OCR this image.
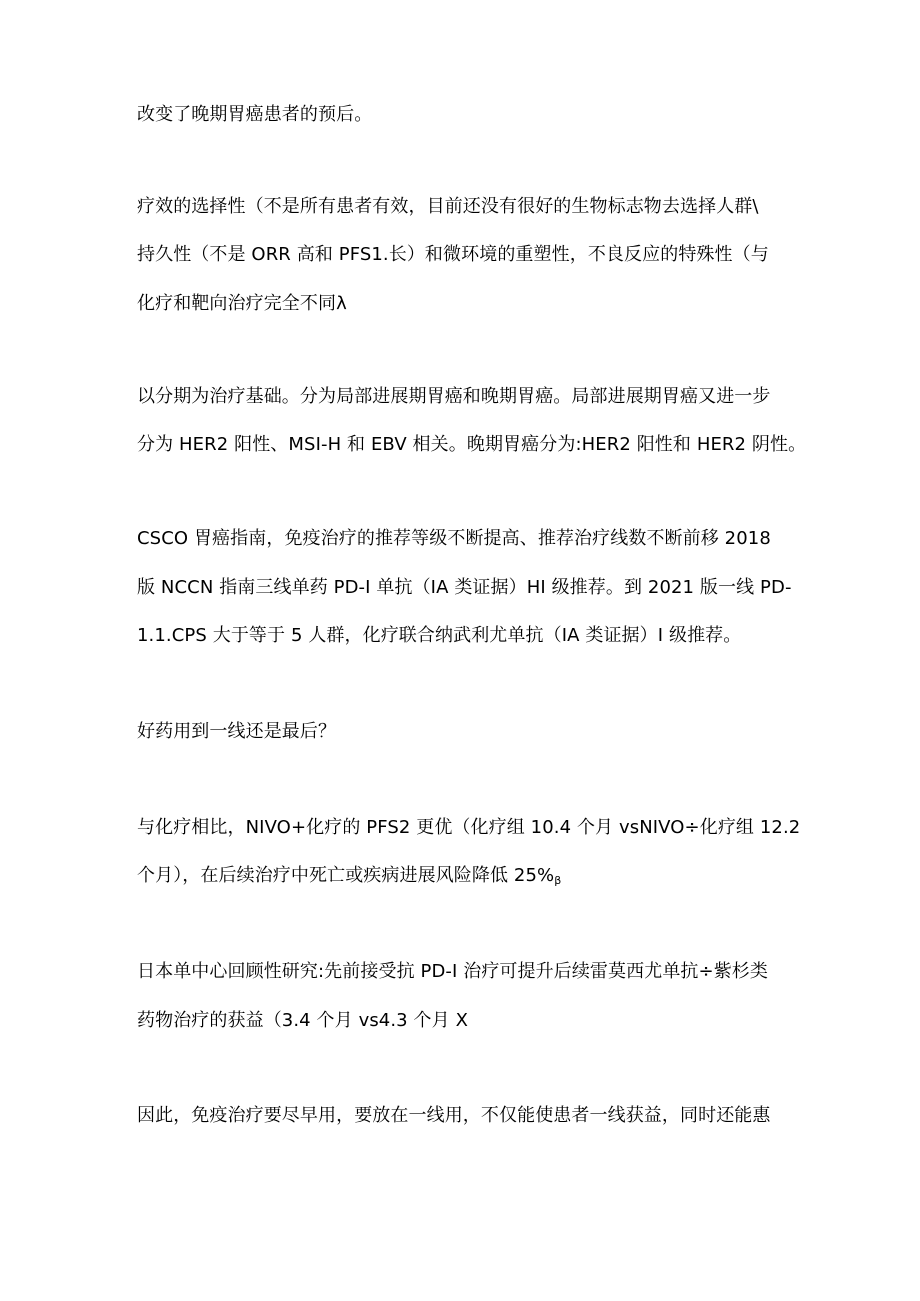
改变了晚期胃癌患者的预后。

疗效的选择性（不是所有患者有效，目前还没有很好的生物标志物去选择人群\

持久性（不是 ORR 高和 PFS1.长）和微环境的重塑性，不良反应的特殊性（与

化疗和靶向治疗完全不同λ

以分期为治疗基础。分为局部进展期胃癌和晚期胃癌。局部进展期胃癌又进一步

分为 HER2 阳性、MSI-H 和 EBV 相关。晚期胃癌分为:HER2 阳性和 HER2 阴性。

CSCO 胃癌指南，免疫治疗的推荐等级不断提高、推荐治疗线数不断前移 2018

版 NCCN 指南三线单药 PD-I 单抗（IA 类证据）HI 级推荐。到 2021 版一线 PD-

1.1.CPS 大于等于 5 人群，化疗联合纳武利尤单抗（IA 类证据）I 级推荐。

好药用到一线还是最后？

与化疗相比，NIVO+化疗的 PFS2 更优（化疗组 10.4 个月 vsNIVO÷化疗组 12.2

个月），在后续治疗中死亡或疾病进展风险降低 $25\%_\beta$

日本单中心回顾性研究:先前接受抗 PD-I 治疗可提升后续雷莫西尤单抗÷紫杉类

药物治疗的获益（3.4 个月 vs4.3 个月 X

因此，免疫治疗要尽早用，要放在一线用，不仅能使患者一线获益，同时还能惠
